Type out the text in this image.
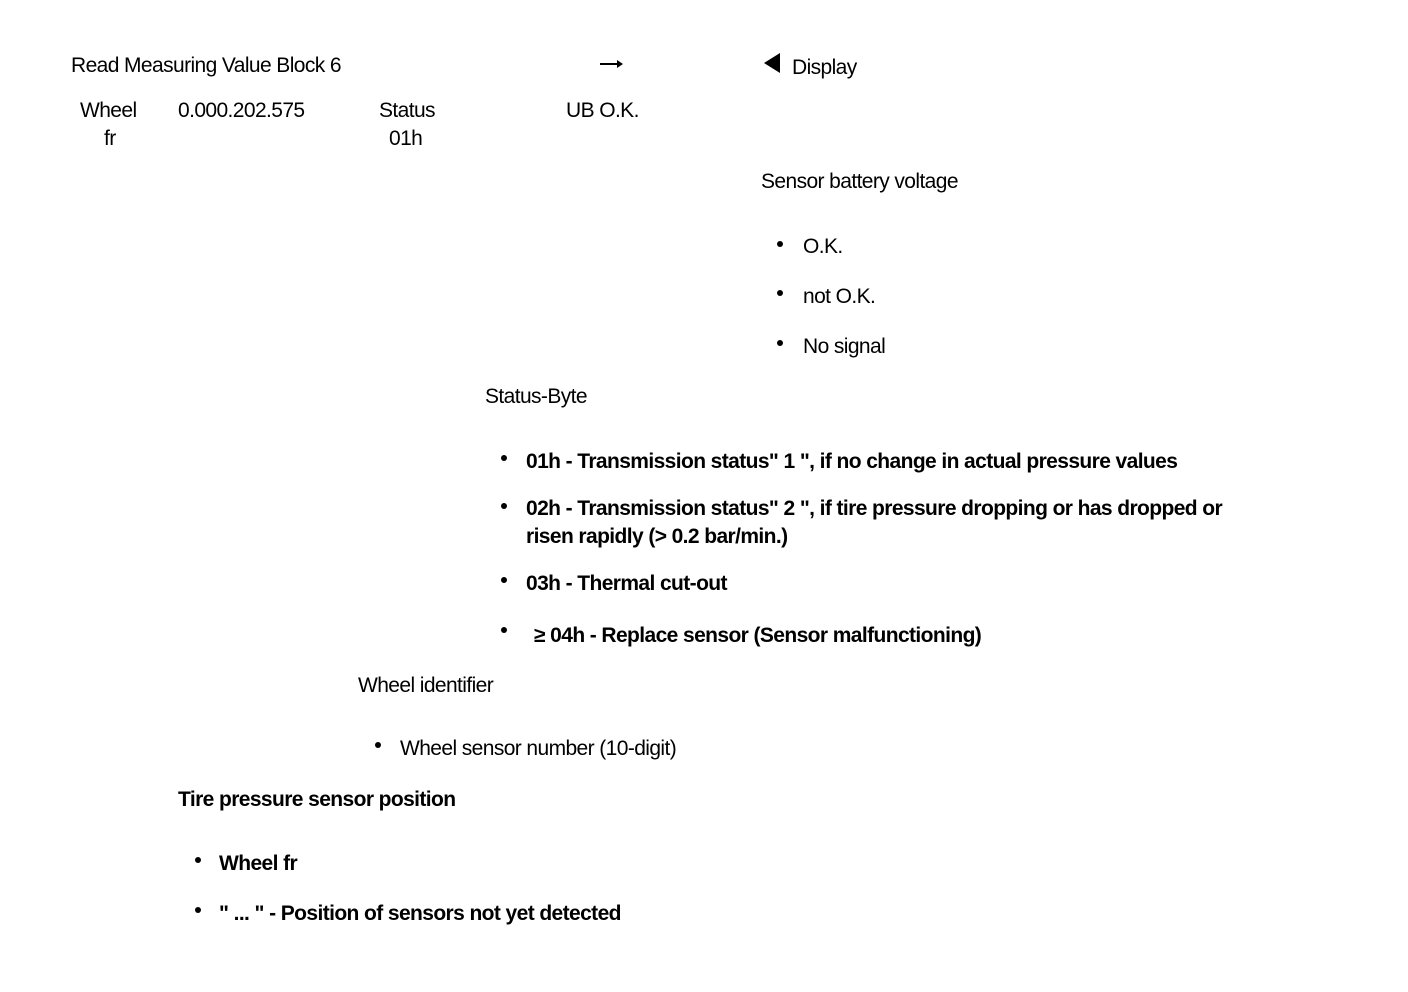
Read Measuring Value Block 6	Display
Wheel
fr
0.000.202.575	Status
01h
UB O.K.
Sensor battery voltage
O.K.
not O.K.
No signal
Status-Byte
01h - Transmission status" 1 ", if no change in actual pressure values
02h - Transmission status" 2 ", if tire pressure dropping or has dropped or
risen rapidly (> 0.2 bar/min.)
03h - Thermal cut-out
≥ 04h - Replace sensor (Sensor malfunctioning)
Wheel identifier
Wheel sensor number (10-digit)
Tire pressure sensor position
Wheel fr
" ... " - Position of sensors not yet detected
